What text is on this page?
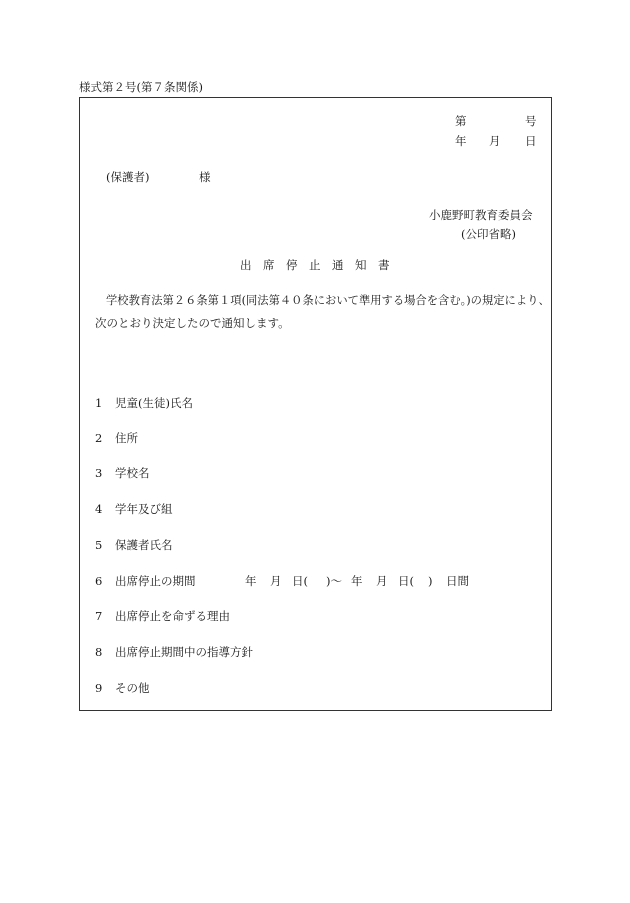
様式第２号(第７条関係)
第	号
年 月 日
(保護者)	様
小鹿野町教育委員会
(公印省略)
出 席 停 止 通 知 書
学校教育法第２６条第１項(同法第４０条において準用する場合を含む。)の規定により、
次のとおり決定したので通知します。
1 児童(生徒)氏名
2 住所
3 学校名
4 学年及び組
5 保護者氏名
6 出席停止の期間	年 月 日( )〜 年 月 日( ) 日間
7 出席停止を命ずる理由
8 出席停止期間中の指導方針
9 その他
